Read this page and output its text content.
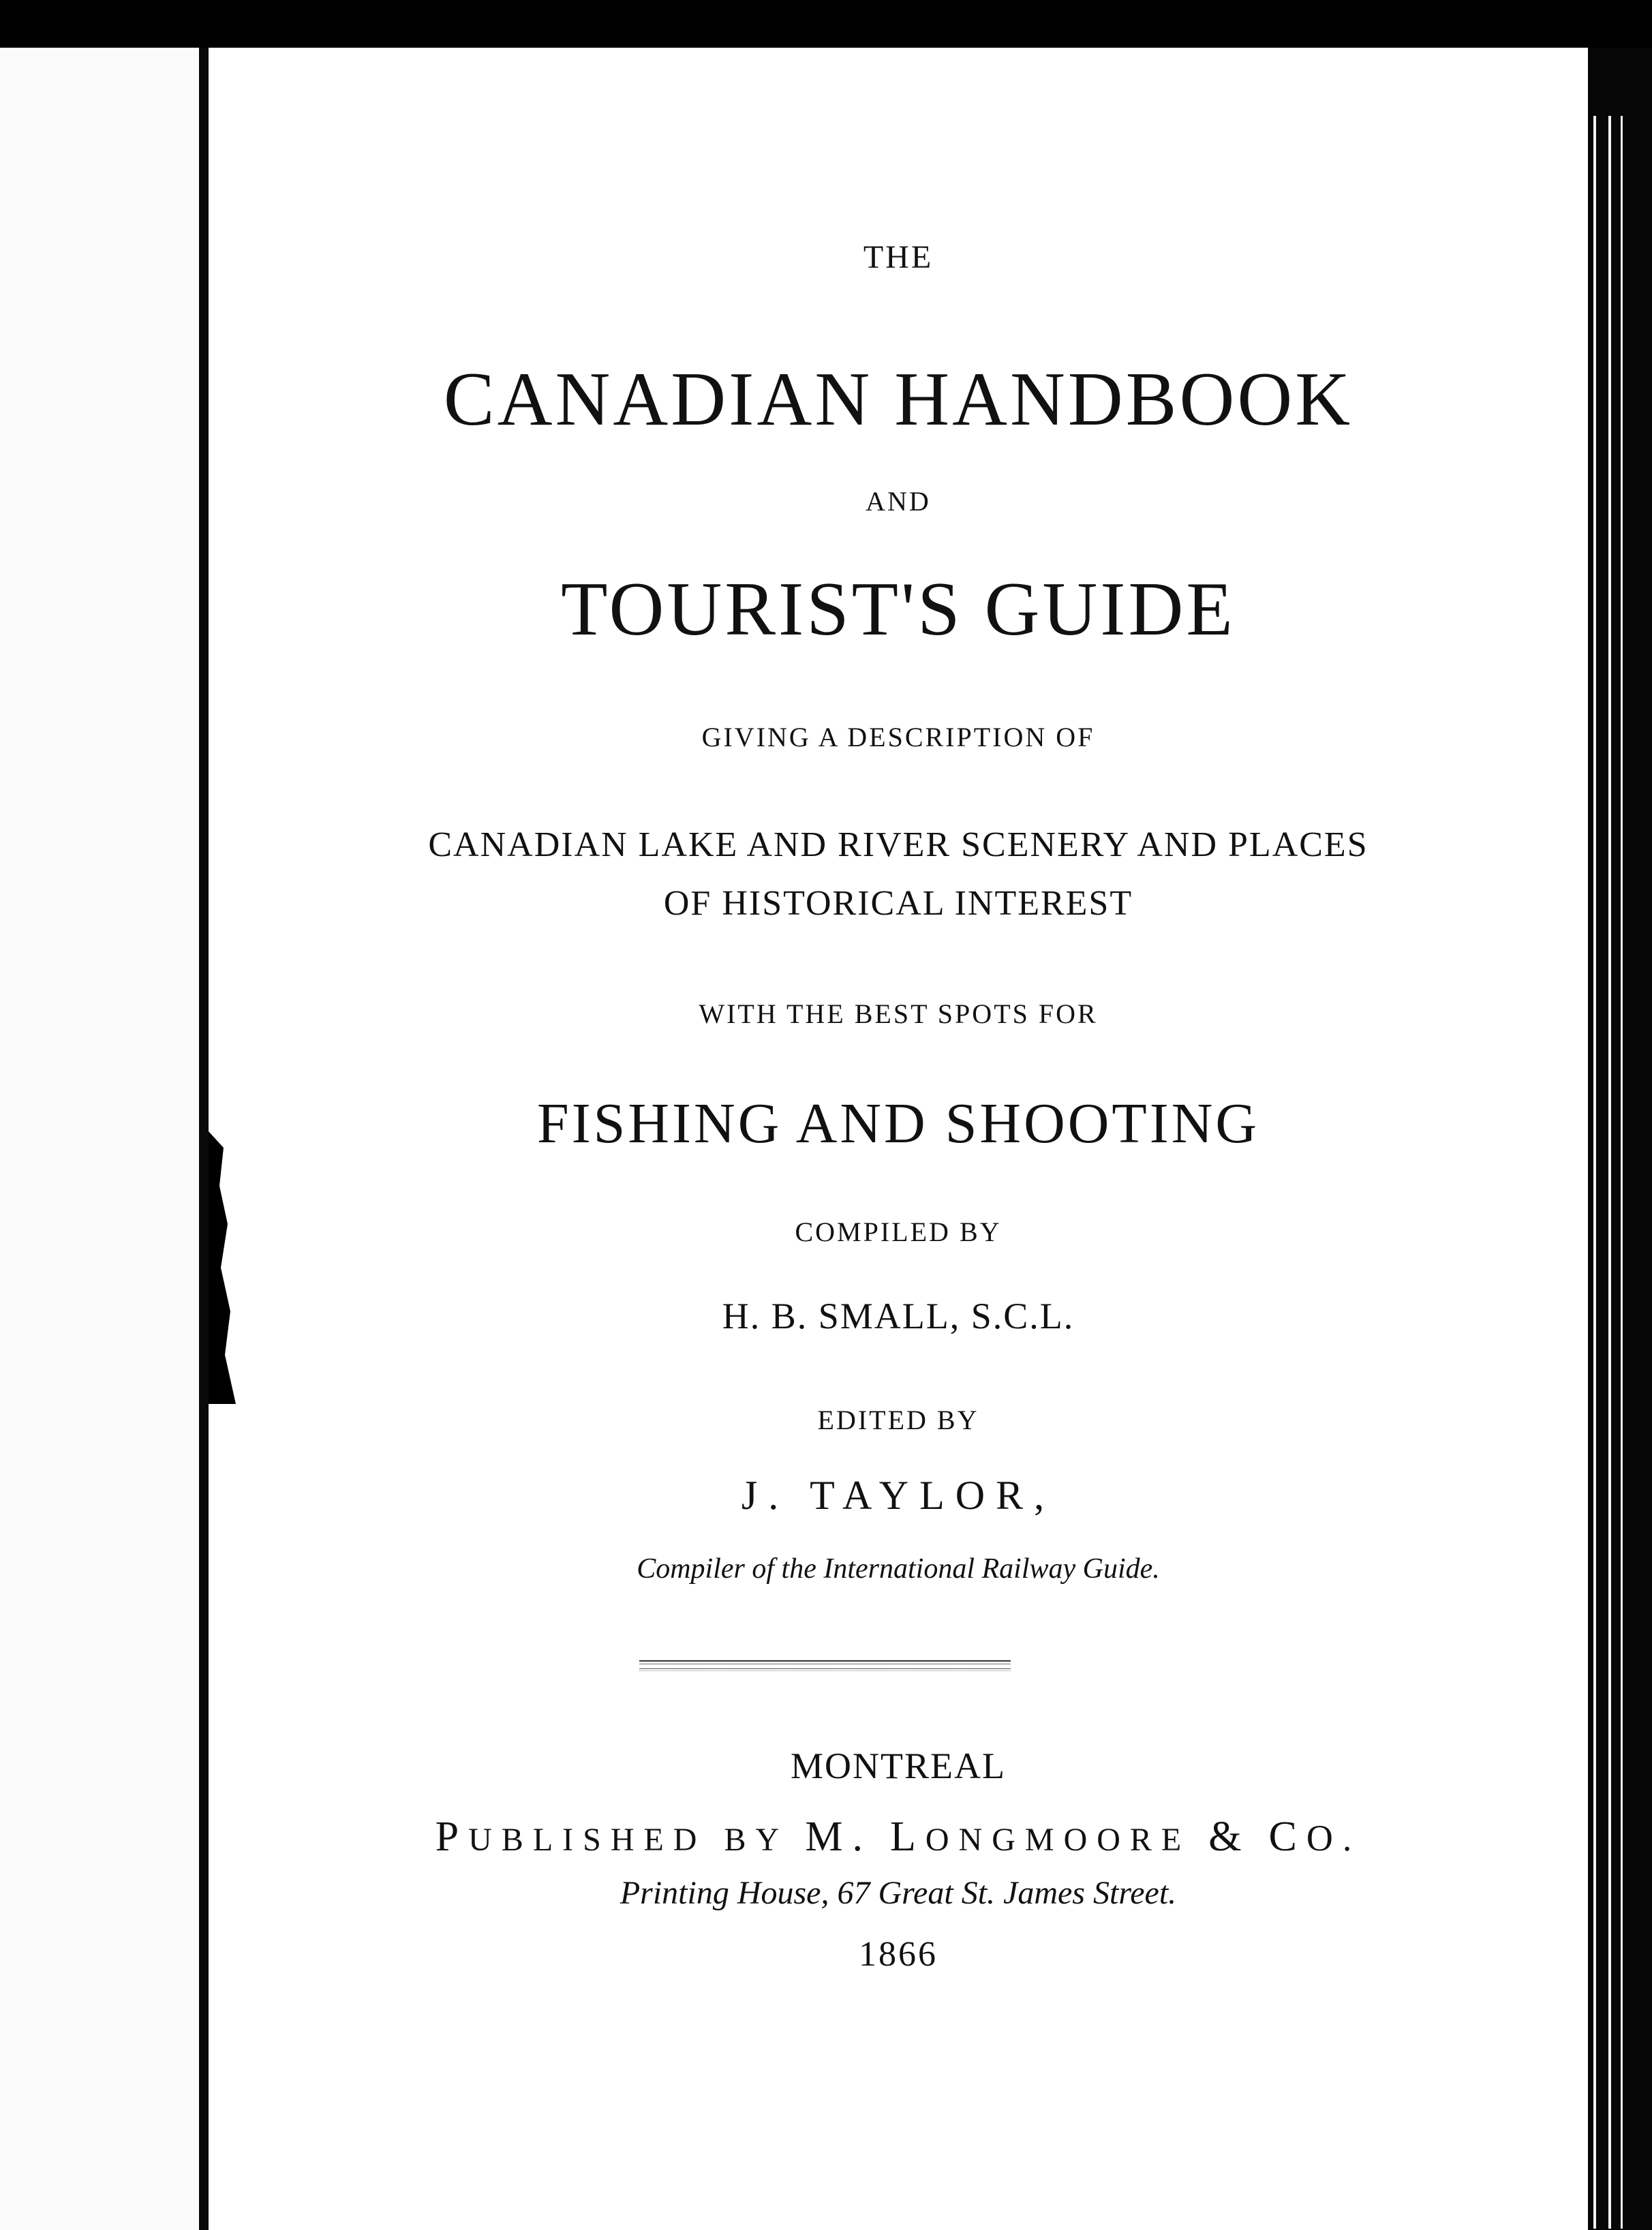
THE
CANADIAN HANDBOOK
AND
TOURIST'S GUIDE
GIVING A DESCRIPTION OF
CANADIAN LAKE AND RIVER SCENERY AND PLACES
OF HISTORICAL INTEREST
WITH THE BEST SPOTS FOR
FISHING AND SHOOTING
COMPILED BY
H. B. SMALL, S.C.L.
EDITED BY
J. TAYLOR,
Compiler of the International Railway Guide.
MONTREAL
PUBLISHED BY M. LONGMOORE & CO.
Printing House, 67 Great St. James Street.
1866
